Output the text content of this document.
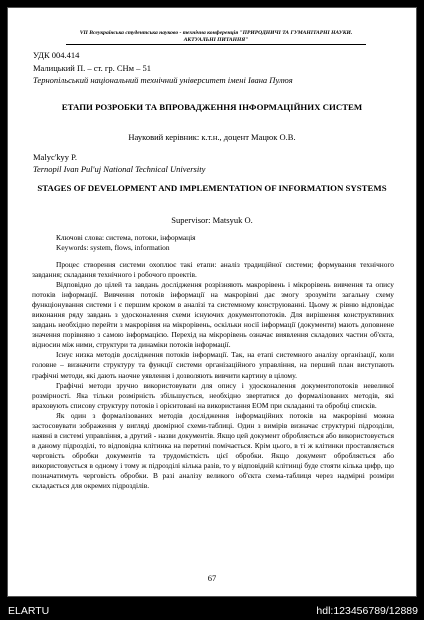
VII Всеукраїнська студентська науково - технічна конференція "ПРИРОДНИЧІ ТА ГУМАНІТАРНІ НАУКИ.
АКТУАЛЬНІ ПИТАННЯ"
УДК 004.414
Малицький П. – ст. гр. СНм – 51
Тернопільський національний технічний університет імені Івана Пулюя
ЕТАПИ РОЗРОБКИ ТА ВПРОВАДЖЕННЯ ІНФОРМАЦІЙНИХ СИСТЕМ
Науковий керівник: к.т.н., доцент Мацюк О.В.
Malyc'kyy P.
Ternopil Ivan Pul'uj National Technical University
STAGES OF DEVELOPMENT AND IMPLEMENTATION OF INFORMATION SYSTEMS
Supervisor: Matsyuk O.
Ключові слова: система, потоки, інформація
Keywords: system, flows, information

Процес створення системи охоплює такі етапи: аналіз традиційної системи; формування технічного завдання; складання технічного і робочого проектів.

Відповідно до цілей та завдань дослідження розрізняють макрорівень і мікрорівень вивчення та опису потоків інформації. Вивчення потоків інформації на макрорівні дає змогу зрозуміти загальну схему функціонування системи і є першим кроком в аналізі та системному конструюванні. Цьому ж рівню відповідає виконання ряду завдань з удосконалення схеми існуючих документопотоків. Для вирішення конструктивних завдань необхідно перейти з макрорівня на мікрорівень, оскільки носії інформації (документи) мають доповнене значення порівняно з самою інформацією. Перехід на мікрорівень означає виявлення складових частин об'єкта, відносин між ними, структури та динаміки потоків інформації.

Існує низка методів дослідження потоків інформації. Так, на етапі системного аналізу організації, коли головне – визначити структуру та функції системи організаційного управління, на перший план виступають графічні методи, які дають наочне уявлення і дозволяють вивчити картину в цілому.

Графічні методи зручно використовувати для опису і удосконалення документопотоків невеликої розмірності. Яка тільки розмірність збільшується, необхідно звертатися до формалізованих методів, які враховують списову структуру потоків і орієнтовані на використання ЕОМ при складанні та обробці списків.

Як один з формалізованих методів дослідження інформаційних потоків на макрорівні можна застосовувати зображення у вигляді двомірної схеми-таблиці. Один з вимірів визначає структурні підрозділи, наявні в системі управління, а другий - назви документів. Якщо цей документ обробляється або використовується в даному підрозділі, то відповідна клітинка на перетині помічається. Крім цього, в ті ж клітинки проставляється черговість обробки документів та трудомісткість цієї обробки. Якщо документ обробляється або використовується в одному і тому ж підрозділі кілька разів, то у відповідній клітинці буде стояти кілька цифр, що позначатимуть черговість обробки. В разі аналізу великого об'єкта схема-таблиця через надмірні розміри складається для окремих підрозділів.

67
ELARTU	hdl:123456789/12889
